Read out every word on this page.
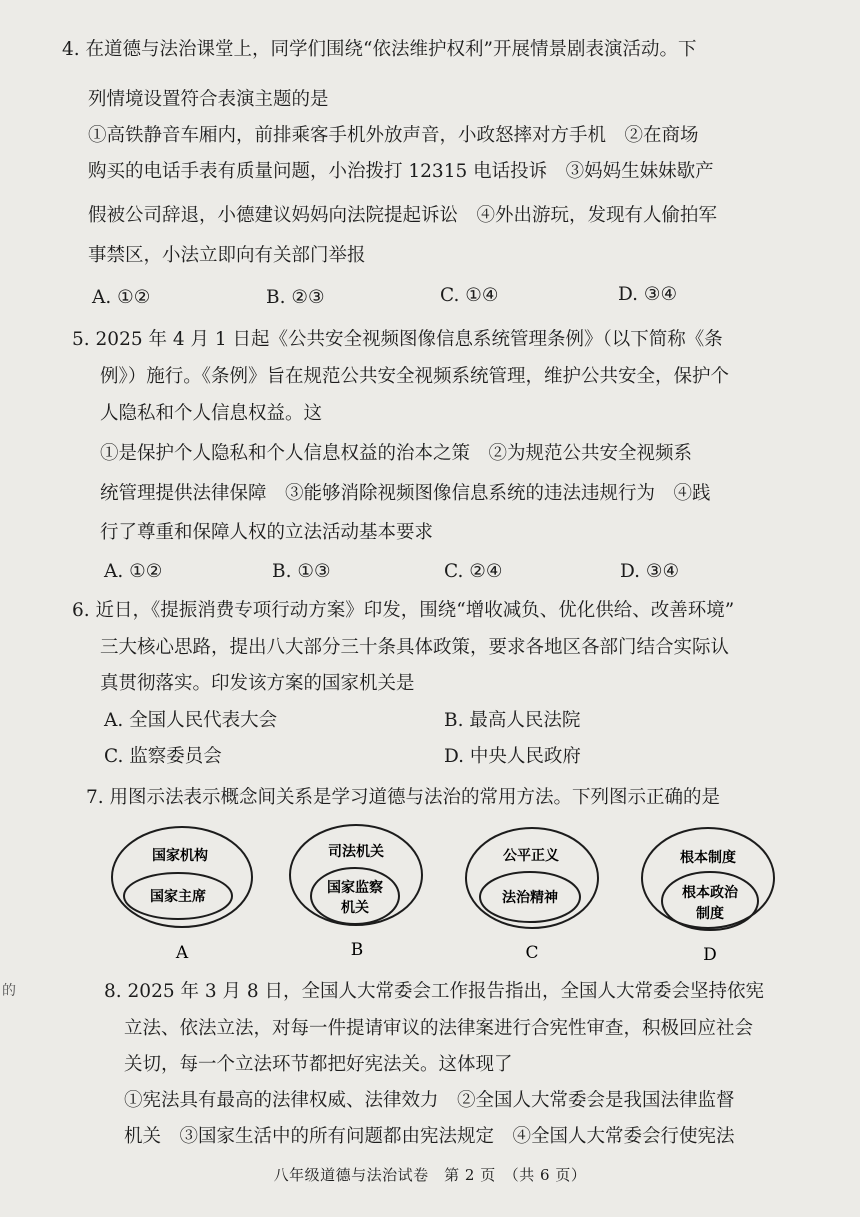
4. 在道德与法治课堂上，同学们围绕“依法维护权利”开展情景剧表演活动。下
列情境设置符合表演主题的是
①高铁静音车厢内，前排乘客手机外放声音，小政怒摔对方手机　②在商场
购买的电话手表有质量问题，小治拨打 12315 电话投诉　③妈妈生妹妹歇产
假被公司辞退，小德建议妈妈向法院提起诉讼　④外出游玩，发现有人偷拍军
事禁区，小法立即向有关部门举报
A. ①②	B. ②③	C. ①④	D. ③④
5. 2025 年 4 月 1 日起《公共安全视频图像信息系统管理条例》（以下简称《条
例》）施行。《条例》旨在规范公共安全视频系统管理，维护公共安全，保护个
人隐私和个人信息权益。这
①是保护个人隐私和个人信息权益的治本之策　②为规范公共安全视频系
统管理提供法律保障　③能够消除视频图像信息系统的违法违规行为　④践
行了尊重和保障人权的立法活动基本要求
A. ①②	B. ①③	C. ②④	D. ③④
6. 近日，《提振消费专项行动方案》印发，围绕“增收减负、优化供给、改善环境”
三大核心思路，提出八大部分三十条具体政策，要求各地区各部门结合实际认
真贯彻落实。印发该方案的国家机关是
A. 全国人民代表大会	B. 最高人民法院
C. 监察委员会	D. 中央人民政府
7. 用图示法表示概念间关系是学习道德与法治的常用方法。下列图示正确的是
国家机构
国家主席
A
司法机关
国家监察
机关
B
公平正义
法治精神
C
根本制度
根本政治
制度
D
的	8. 2025 年 3 月 8 日，全国人大常委会工作报告指出，全国人大常委会坚持依宪
立法、依法立法，对每一件提请审议的法律案进行合宪性审查，积极回应社会
关切，每一个立法环节都把好宪法关。这体现了
①宪法具有最高的法律权威、法律效力　②全国人大常委会是我国法律监督
机关　③国家生活中的所有问题都由宪法规定　④全国人大常委会行使宪法
八年级道德与法治试卷　第 2 页　（共 6 页）
